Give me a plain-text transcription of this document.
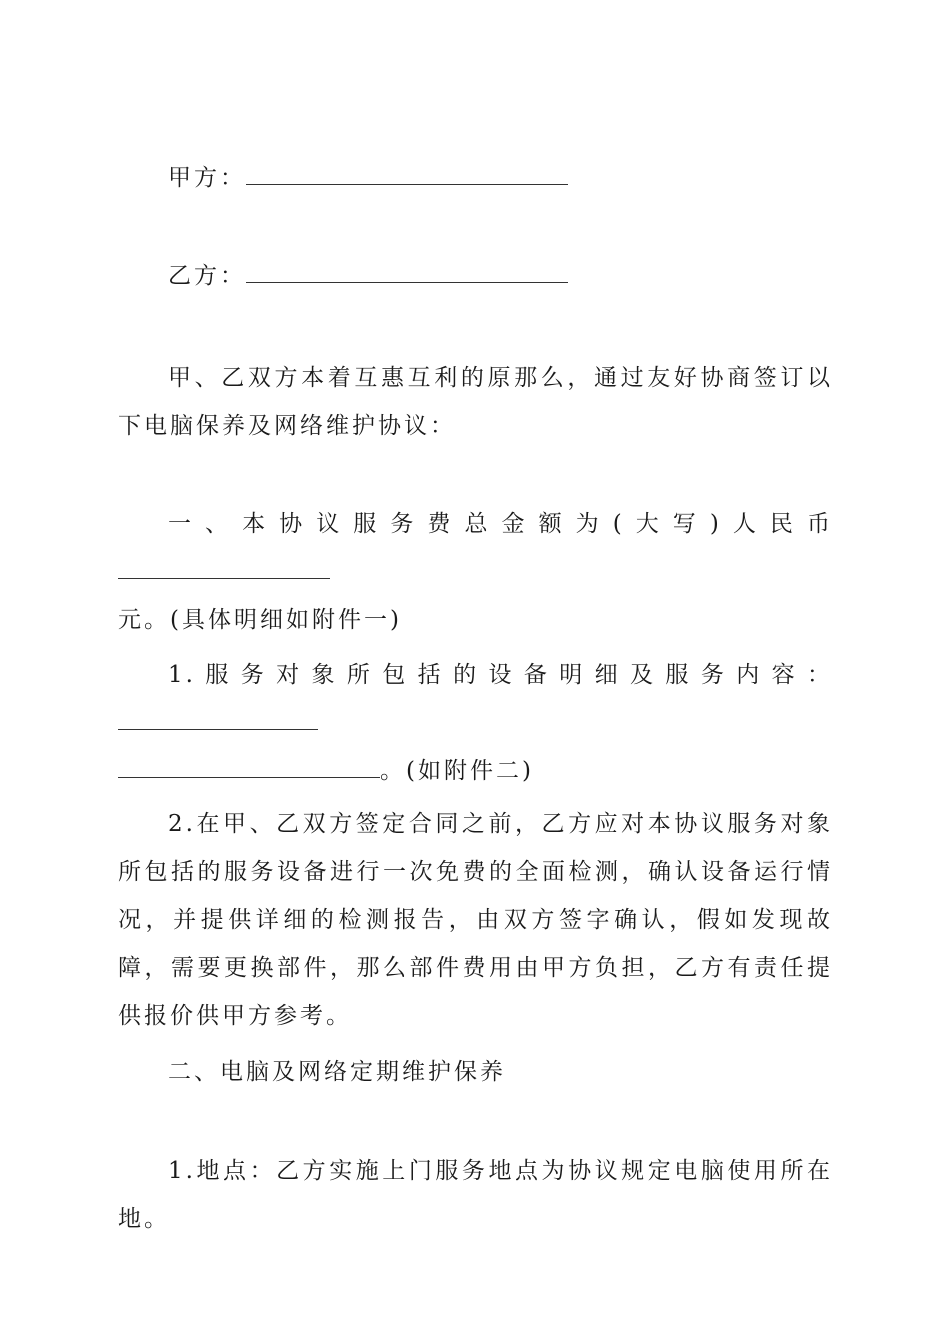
甲方：

乙方：

甲、乙双方本着互惠互利的原那么，通过友好协商签订以下电脑保养及网络维护协议：

一、本协议服务费总金额为(大写)人民币
元。(具体明细如附件一)

1.服务对象所包括的设备明细及服务内容：
。(如附件二)

2.在甲、乙双方签定合同之前，乙方应对本协议服务对象所包括的服务设备进行一次免费的全面检测，确认设备运行情况，并提供详细的检测报告，由双方签字确认，假如发现故障，需要更换部件，那么部件费用由甲方负担，乙方有责任提供报价供甲方参考。

二、电脑及网络定期维护保养

1.地点：乙方实施上门服务地点为协议规定电脑使用所在地。
